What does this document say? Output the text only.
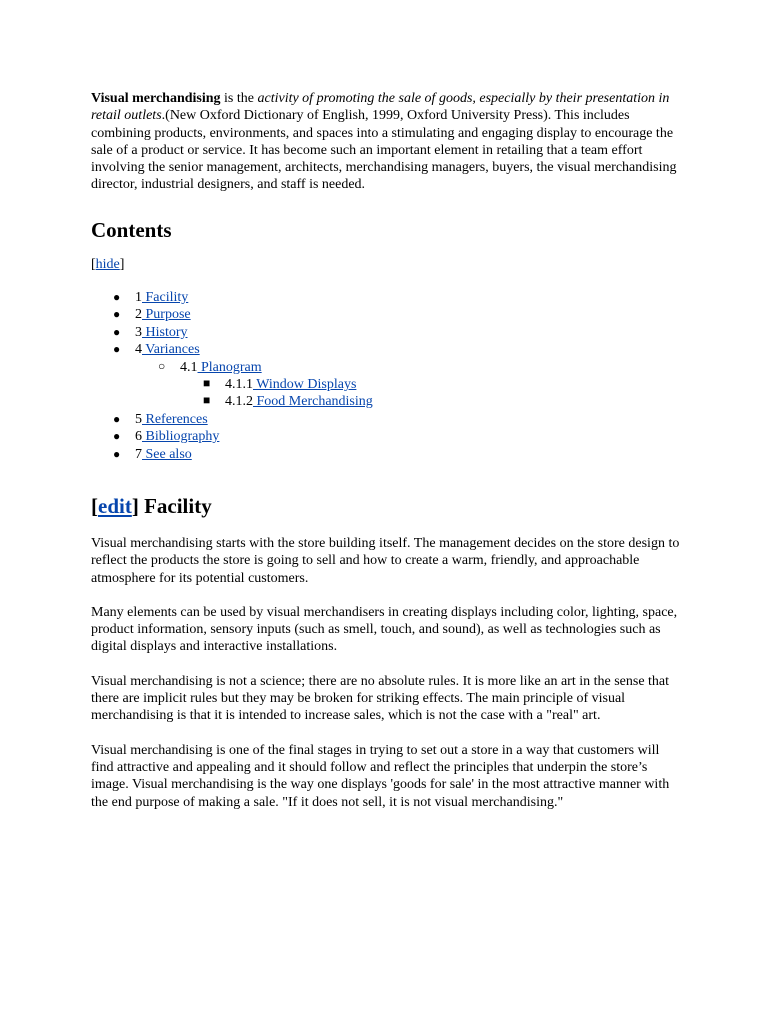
Visual merchandising is the activity of promoting the sale of goods, especially by their presentation in retail outlets.(New Oxford Dictionary of English, 1999, Oxford University Press). This includes combining products, environments, and spaces into a stimulating and engaging display to encourage the sale of a product or service. It has become such an important element in retailing that a team effort involving the senior management, architects, merchandising managers, buyers, the visual merchandising director, industrial designers, and staff is needed.

Contents
[hide]
● 1 Facility
● 2 Purpose
● 3 History
● 4 Variances
○ 4.1 Planogram
■ 4.1.1 Window Displays
■ 4.1.2 Food Merchandising
● 5 References
● 6 Bibliography
● 7 See also
[edit] Facility

Visual merchandising starts with the store building itself. The management decides on the store design to reflect the products the store is going to sell and how to create a warm, friendly, and approachable atmosphere for its potential customers.

Many elements can be used by visual merchandisers in creating displays including color, lighting, space, product information, sensory inputs (such as smell, touch, and sound), as well as technologies such as digital displays and interactive installations.

Visual merchandising is not a science; there are no absolute rules. It is more like an art in the sense that there are implicit rules but they may be broken for striking effects. The main principle of visual merchandising is that it is intended to increase sales, which is not the case with a "real" art.

Visual merchandising is one of the final stages in trying to set out a store in a way that customers will find attractive and appealing and it should follow and reflect the principles that underpin the store’s image. Visual merchandising is the way one displays 'goods for sale' in the most attractive manner with the end purpose of making a sale. "If it does not sell, it is not visual merchandising."
